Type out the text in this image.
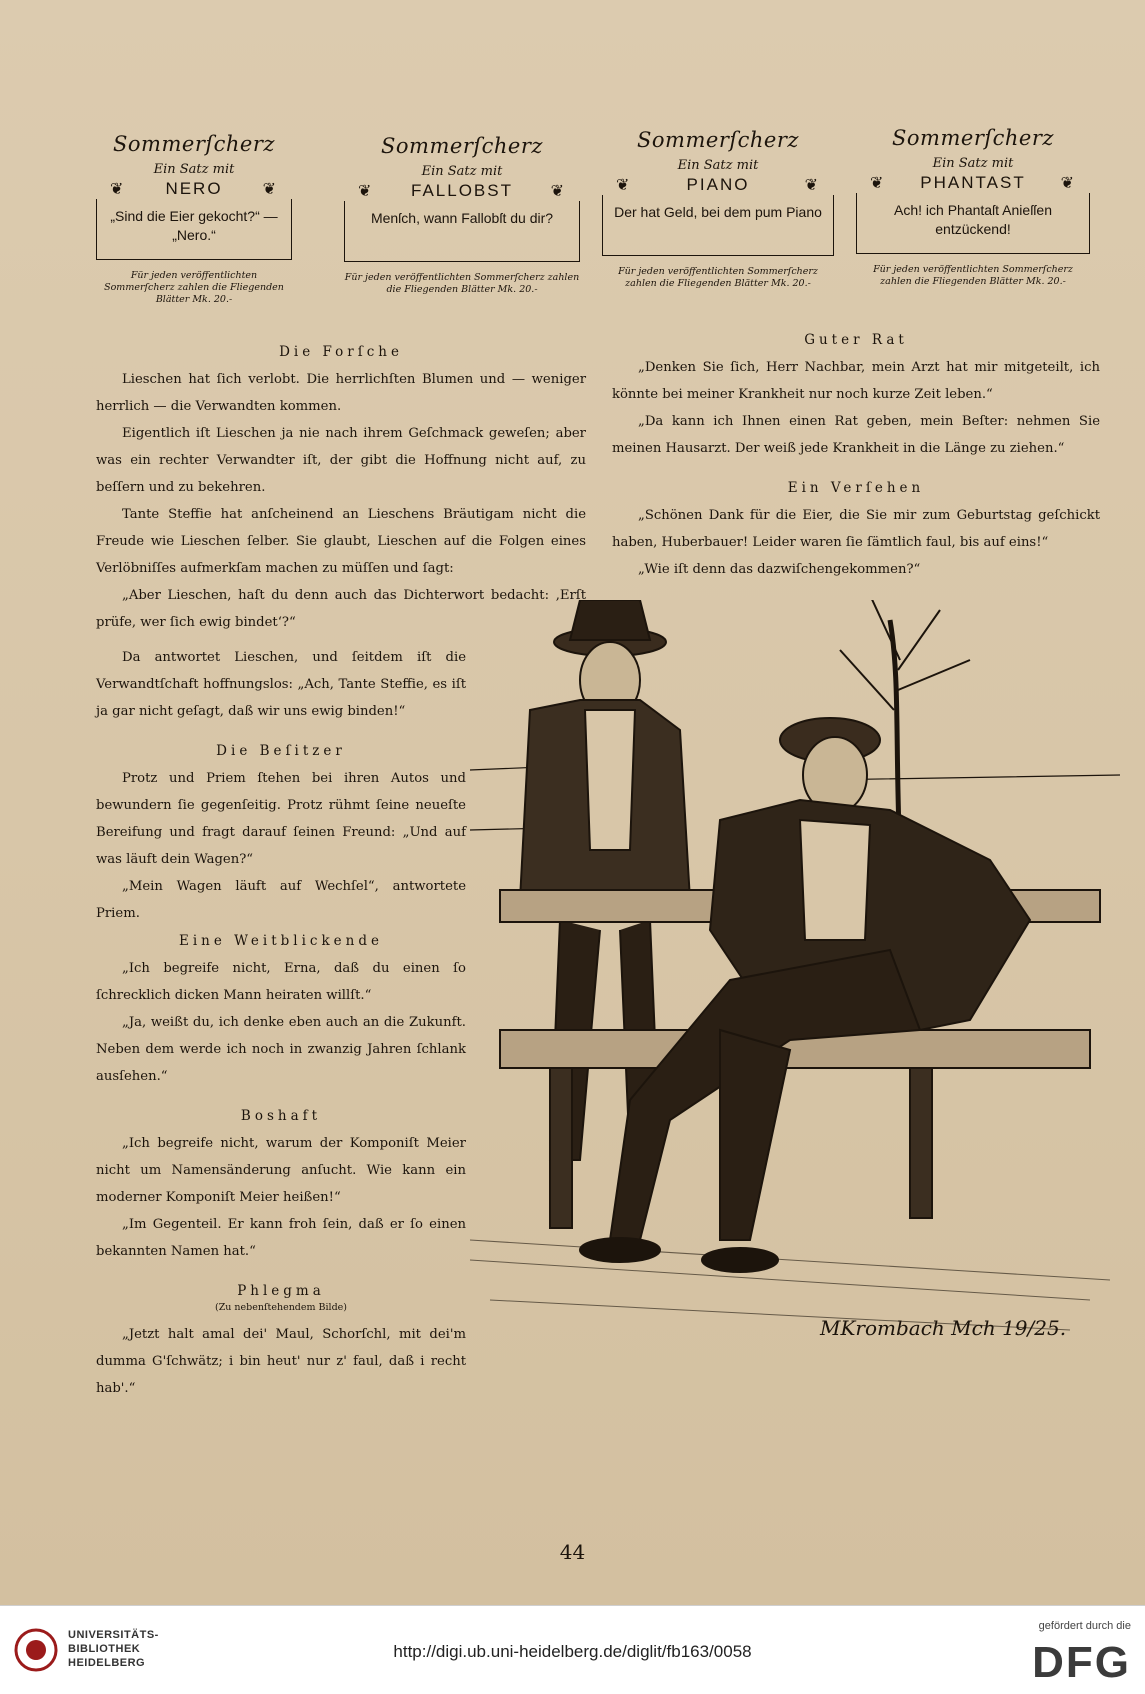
Sommerſcherz
Ein Satz mit
❦ NERO	❦
„Sind die Eier gekocht?“ — „Nero.“
Für jeden veröffentlichten Sommerſcherz zahlen die Fliegenden Blätter Mk. 20.-
Sommerſcherz
Ein Satz mit
❦ FALLOBST ❦
Menſch, wann Fallobſt du dir?
Für jeden veröffentlichten Sommerſcherz zahlen die Fliegenden Blätter Mk. 20.-
Sommerſcherz
Ein Satz mit
❦	PIANO	❦
Der hat Geld, bei dem pum Piano
Für jeden veröffentlichten Sommerſcherz zahlen die Fliegenden Blätter Mk. 20.-
Sommerſcherz
Ein Satz mit
❦ PHANTAST ❦
Ach! ich Phantaſt Anieſſen entzückend!
Für jeden veröffentlichten Sommerſcherz zahlen die Fliegenden Blätter Mk. 20.-
Die Forſche

Lieschen hat ſich verlobt. Die herrlichſten Blumen und — weniger herrlich — die Verwandten kommen.

Eigentlich iſt Lieschen ja nie nach ihrem Geſchmack geweſen; aber was ein rechter Verwandter iſt, der gibt die Hoffnung nicht auf, zu beſſern und zu bekehren.

Tante Steffie hat anſcheinend an Lieschens Bräutigam nicht die Freude wie Lieschen ſelber. Sie glaubt, Lieschen auf die Folgen eines Verlöbniſſes aufmerkſam machen zu müſſen und ſagt:

„Aber Lieschen, haſt du denn auch das Dichterwort bedacht: ‚Erſt prüfe, wer ſich ewig bindet‘?“

Da antwortet Lieschen, und ſeitdem iſt die Verwandtſchaft hoffnungslos: „Ach, Tante Steffie, es iſt ja gar nicht geſagt, daß wir uns ewig binden!“

Die Beſitzer

Protz und Priem ſtehen bei ihren Autos und bewundern ſie gegenſeitig. Protz rühmt ſeine neueſte Bereifung und fragt darauf ſeinen Freund: „Und auf was läuft dein Wagen?“

„Mein Wagen läuft auf Wechſel“, antwortete Priem.

Eine Weitblickende

„Ich begreife nicht, Erna, daß du einen ſo ſchrecklich dicken Mann heiraten willſt.“

„Ja, weißt du, ich denke eben auch an die Zukunft. Neben dem werde ich noch in zwanzig Jahren ſchlank ausſehen.“

Boshaft

„Ich begreife nicht, warum der Komponiſt Meier nicht um Namensänderung anſucht. Wie kann ein moderner Komponiſt Meier heißen!“

„Im Gegenteil. Er kann froh ſein, daß er ſo einen bekannten Namen hat.“

Phlegma
(Zu nebenſtehendem Bilde)

„Jetzt halt amal dei' Maul, Schorſchl, mit dei'm dumma G'ſchwätz; i bin heut' nur z' faul, daß i recht hab'.“

Guter Rat

„Denken Sie ſich, Herr Nachbar, mein Arzt hat mir mitgeteilt, ich könnte bei meiner Krankheit nur noch kurze Zeit leben.“

„Da kann ich Ihnen einen Rat geben, mein Beſter: nehmen Sie meinen Hausarzt. Der weiß jede Krankheit in die Länge zu ziehen.“

Ein Verſehen

„Schönen Dank für die Eier, die Sie mir zum Geburtstag geſchickt haben, Huberbauer! Leider waren ſie ſämtlich faul, bis auf eins!“

„Wie iſt denn das dazwiſchengekommen?“

MKrombach Mch 19/25.
44
UNIVERSITÄTS-
BIBLIOTHEK
HEIDELBERG
http://digi.ub.uni-heidelberg.de/diglit/fb163/0058
gefördert durch die
DFG
